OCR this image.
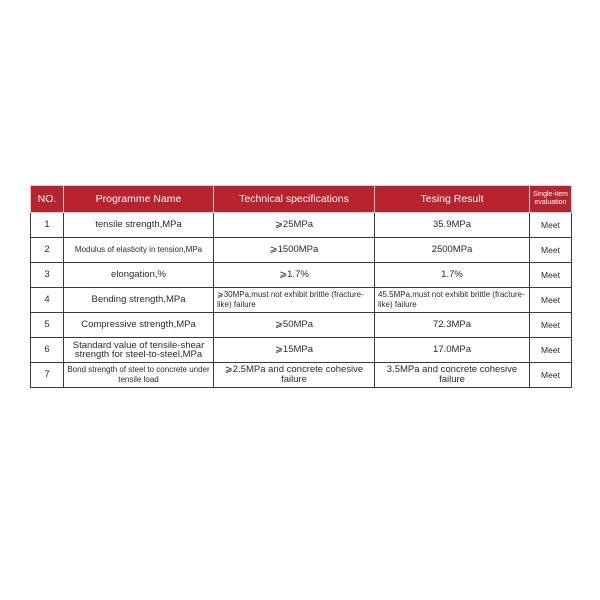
NO.	Programme Name	Technical specifications	Tesing Result	Single-item evaluation
1	tensile strength,MPa	⩾25MPa	35.9MPa	Meet
2	Modulus of elasticity in tension,MPa	⩾1500MPa	2500MPa	Meet
3	elongation,%	⩾1.7%	1.7%	Meet
4	Bending strength,MPa	⩾30MPa,must not exhibit brittle (fracture-like) failure	45.5MPa,must not exhibit brittle (fracture-like) failure	Meet
5	Compressive strength,MPa	⩾50MPa	72.3MPa	Meet
6	Standard value of tensile-shear strength for steel-to-steel,MPa	⩾15MPa	17.0MPa	Meet
7	Bond strength of steel to concrete under tensile load	⩾2.5MPa and concrete cohesive failure	3.5MPa and concrete cohesive failure	Meet
